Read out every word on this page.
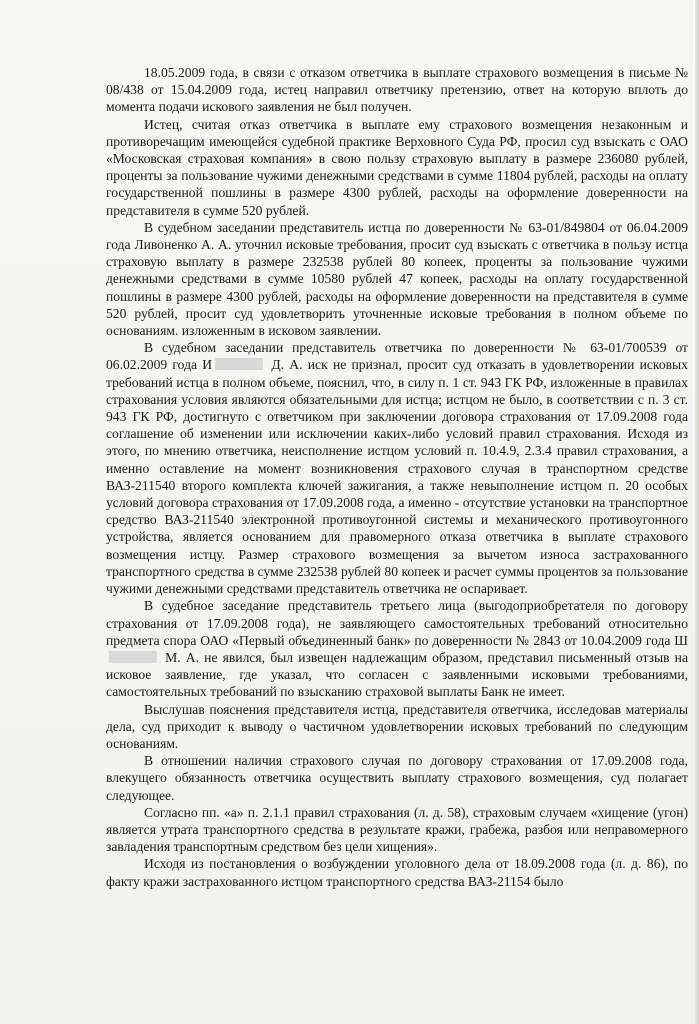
18.05.2009 года, в связи с отказом ответчика в выплате страхового возмещения в письме № 08/438 от 15.04.2009 года, истец направил ответчику претензию, ответ на которую вплоть до момента подачи искового заявления не был получен.

Истец, считая отказ ответчика в выплате ему страхового возмещения незаконным и противоречащим имеющейся судебной практике Верховного Суда РФ, просил суд взыскать с ОАО «Московская страховая компания» в свою пользу страховую выплату в размере 236080 рублей, проценты за пользование чужими денежными средствами в сумме 11804 рублей, расходы на оплату государственной пошлины в размере 4300 рублей, расходы на оформление доверенности на представителя в сумме 520 рублей.

В судебном заседании представитель истца по доверенности № 63-01/849804 от 06.04.2009 года Ливоненко А. А. уточнил исковые требования, просит суд взыскать с ответчика в пользу истца страховую выплату в размере 232538 рублей 80 копеек, проценты за пользование чужими денежными средствами в сумме 10580 рублей 47 копеек, расходы на оплату государственной пошлины в размере 4300 рублей, расходы на оформление доверенности на представителя в сумме 520 рублей, просит суд удовлетворить уточненные исковые требования в полном объеме по основаниям. изложенным в исковом заявлении.

В судебном заседании представитель ответчика по доверенности № 63-01/700539 от 06.02.2009 года И	Д. А. иск не признал, просит суд отказать в удовлетворении исковых требований истца в полном объеме, пояснил, что, в силу п. 1 ст. 943 ГК РФ, изложенные в правилах страхования условия являются обязательными для истца; истцом не было, в соответствии с п. 3 ст. 943 ГК РФ, достигнуто с ответчиком при заключении договора страхования от 17.09.2008 года соглашение об изменении или исключении каких-либо условий правил страхования. Исходя из этого, по мнению ответчика, неисполнение истцом условий п. 10.4.9, 2.3.4 правил страхования, а именно оставление на момент возникновения страхового случая в транспортном средстве ВАЗ-211540 второго комплекта ключей зажигания, а также невыполнение истцом п. 20 особых условий договора страхования от 17.09.2008 года, а именно - отсутствие установки на транспортное средство ВАЗ-211540 электронной противоугонной системы и механического противоугонного устройства, является основанием для правомерного отказа ответчика в выплате страхового возмещения истцу. Размер страхового возмещения за вычетом износа застрахованного транспортного средства в сумме 232538 рублей 80 копеек и расчет суммы процентов за пользование чужими денежными средствами представитель ответчика не оспаривает.

В судебное заседание представитель третьего лица (выгодоприобретателя по договору страхования от 17.09.2008 года), не заявляющего самостоятельных требований относительно предмета спора ОАО «Первый объединенный банк» по доверенности № 2843 от 10.04.2009 года Ш М. А. не явился, был извещен надлежащим образом, представил письменный отзыв на исковое заявление, где указал, что согласен с заявленными исковыми требованиями, самостоятельных требований по взысканию страховой выплаты Банк не имеет.

Выслушав пояснения представителя истца, представителя ответчика, исследовав материалы дела, суд приходит к выводу о частичном удовлетворении исковых требований по следующим основаниям.

В отношении наличия страхового случая по договору страхования от 17.09.2008 года, влекущего обязанность ответчика осуществить выплату страхового возмещения, суд полагает следующее.

Согласно пп. «а» п. 2.1.1 правил страхования (л. д. 58), страховым случаем «хищение (угон) является утрата транспортного средства в результате кражи, грабежа, разбоя или неправомерного завладения транспортным средством без цели хищения».

Исходя из постановления о возбуждении уголовного дела от 18.09.2008 года (л. д. 86), по факту кражи застрахованного истцом транспортного средства ВАЗ-21154 было
